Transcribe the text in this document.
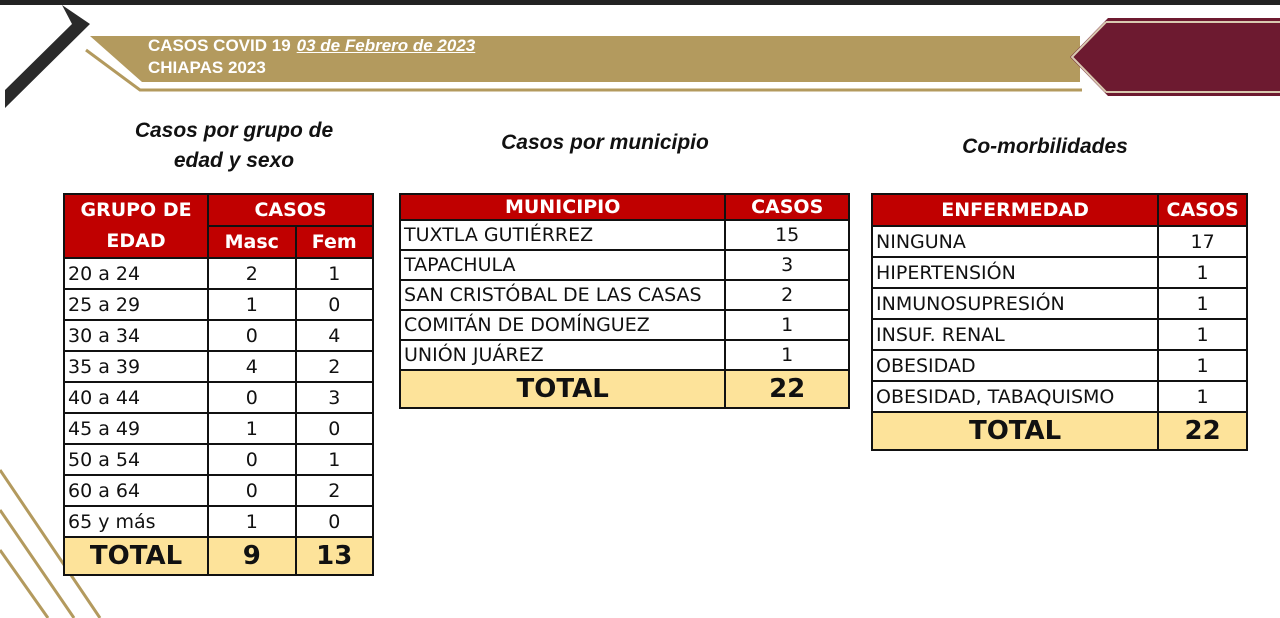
CASOS COVID 19 03 de Febrero de 2023
CHIAPAS 2023
Casos por grupo de
edad y sexo
Casos por municipio	Co-morbilidades
GRUPO DE
EDAD	CASOS	
	Masc	Fem
20 a 24	2	1
25 a 29	1	0
30 a 34	0	4
35 a 39	4	2
40 a 44	0	3
45 a 49	1	0
50 a 54	0	1
60 a 64	0	2
65 y más	1	0
TOTAL	9	13
MUNICIPIO	CASOS
TUXTLA GUTIÉRREZ	15
TAPACHULA	3
SAN CRISTÓBAL DE LAS CASAS	2
COMITÁN DE DOMÍNGUEZ	1
UNIÓN JUÁREZ	1
TOTAL	22
ENFERMEDAD	CASOS
NINGUNA	17
HIPERTENSIÓN	1
INMUNOSUPRESIÓN	1
INSUF. RENAL	1
OBESIDAD	1
OBESIDAD, TABAQUISMO	1
TOTAL	22
